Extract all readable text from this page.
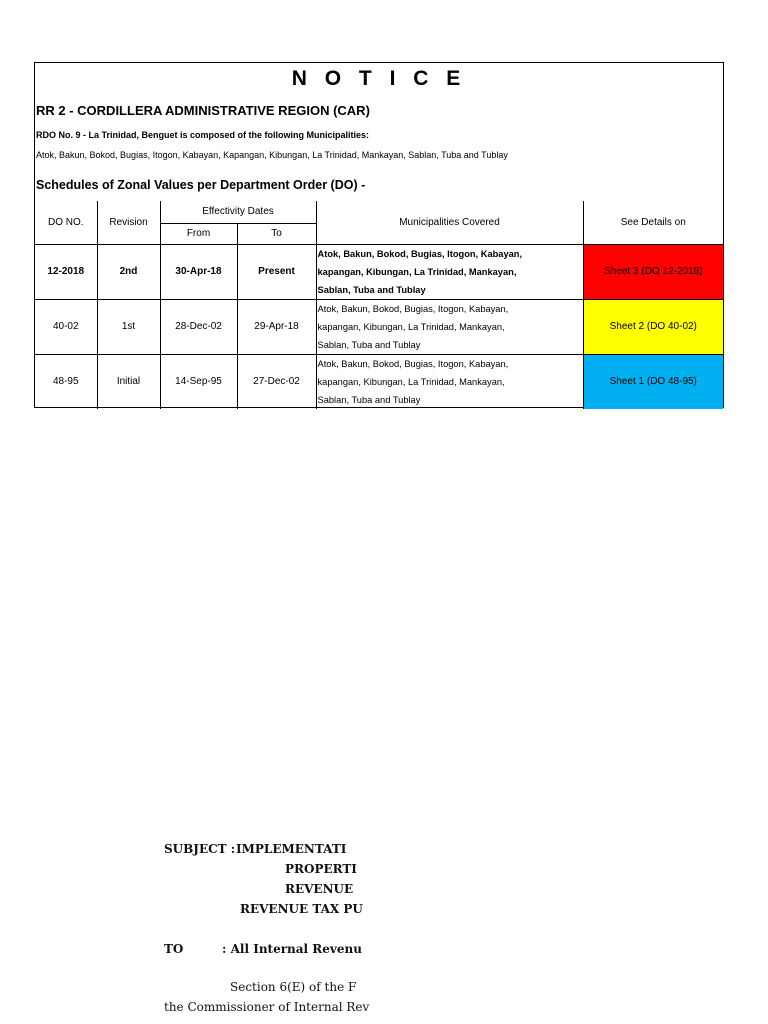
N O T I C E
RR 2 - CORDILLERA ADMINISTRATIVE REGION (CAR)
RDO No. 9 - La Trinidad, Benguet is composed of the following Municipalities:
Atok, Bakun, Bokod, Bugias, Itogon, Kabayan, Kapangan, Kibungan, La Trinidad, Mankayan, Sablan, Tuba and Tublay
Schedules of Zonal Values per Department Order (DO) -
DO NO.	Revision	Effectivity Dates		Municipalities Covered	See Details on
		From	To		
12-2018	2nd	30-Apr-18	Present	Atok, Bakun, Bokod, Bugias, Itogon, Kabayan,
kapangan, Kibungan, La Trinidad, Mankayan,
Sablan, Tuba and Tublay	Sheet 3 (DO 12-2018)
40-02	1st	28-Dec-02	29-Apr-18	Atok, Bakun, Bokod, Bugias, Itogon, Kabayan,
kapangan, Kibungan, La Trinidad, Mankayan,
Sablan, Tuba and Tublay	Sheet 2 (DO 40-02)
48-95	Initial	14-Sep-95	27-Dec-02	Atok, Bakun, Bokod, Bugias, Itogon, Kabayan,
kapangan, Kibungan, La Trinidad, Mankayan,
Sablan, Tuba and Tublay	Sheet 1 (DO 48-95)
SUBJECT : IMPLEMENTATI
PROPERTI
REVENUE
REVENUE TAX PU
TO	: All Internal Revenu
Section 6(E) of the F
the Commissioner of Internal Rev
